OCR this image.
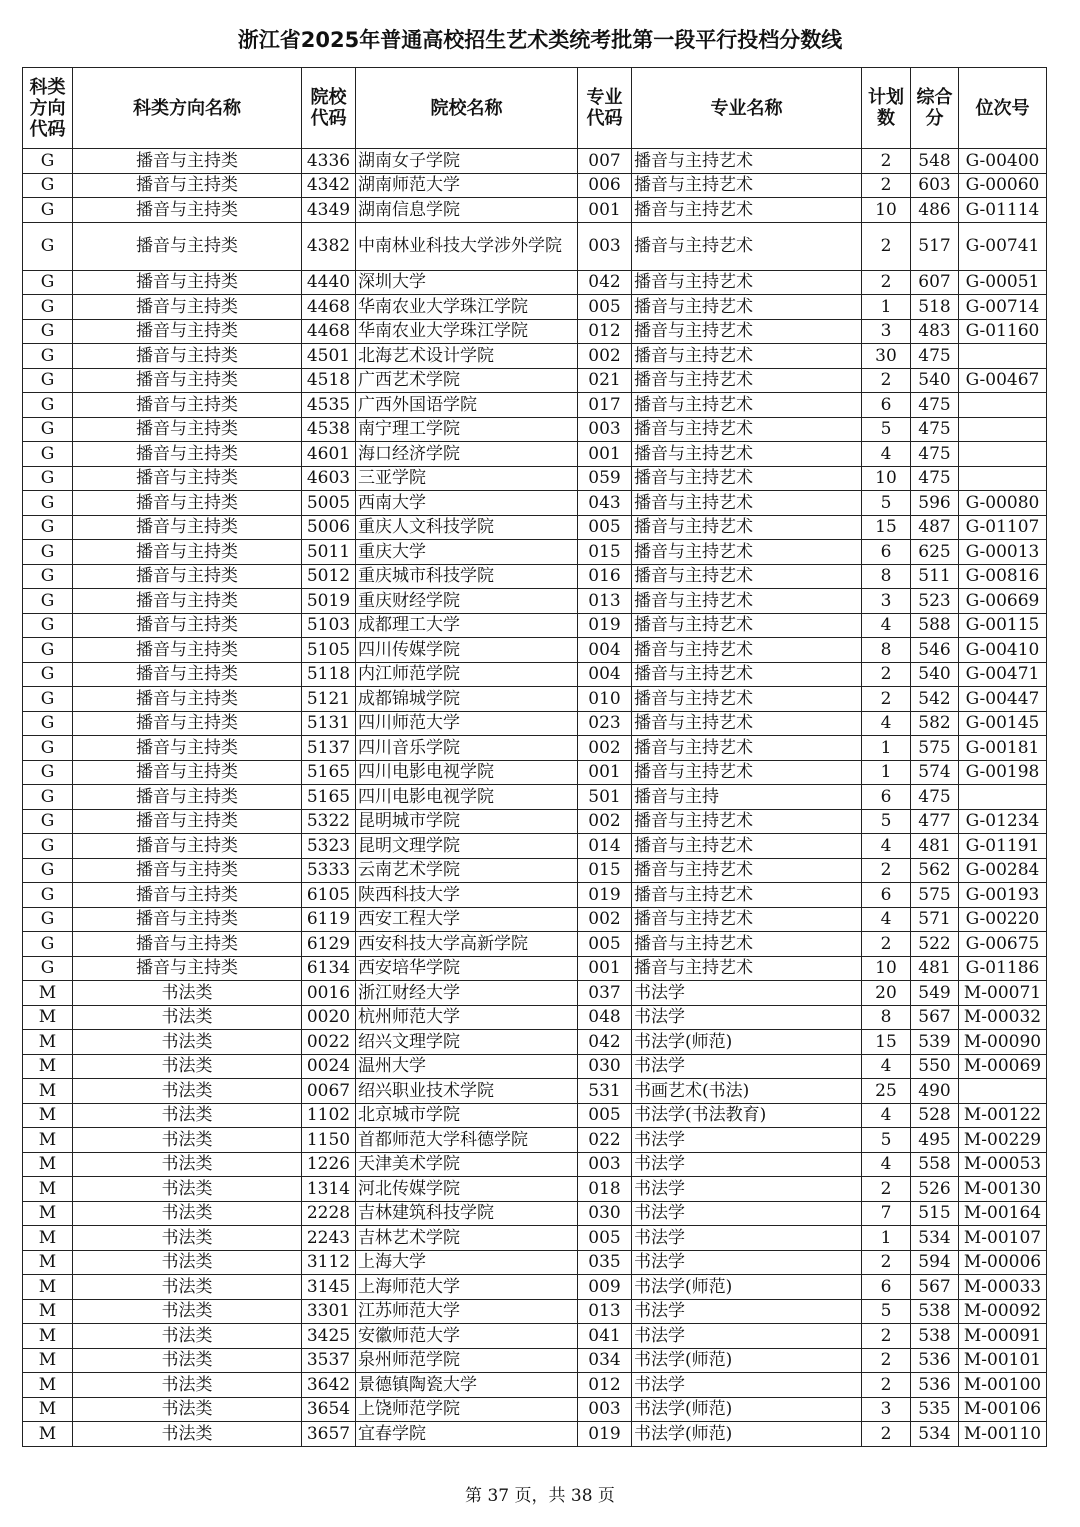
浙江省2025年普通高校招生艺术类统考批第一段平行投档分数线
科类方向代码	科类方向名称	院校代码	院校名称	专业代码	专业名称	计划数	综合分	位次号
G	播音与主持类	4336	湖南女子学院	007	播音与主持艺术	2	548	G-00400
G	播音与主持类	4342	湖南师范大学	006	播音与主持艺术	2	603	G-00060
G	播音与主持类	4349	湖南信息学院	001	播音与主持艺术	10	486	G-01114
G	播音与主持类	4382	中南林业科技大学涉外学院	003	播音与主持艺术	2	517	G-00741
G	播音与主持类	4440	深圳大学	042	播音与主持艺术	2	607	G-00051
G	播音与主持类	4468	华南农业大学珠江学院	005	播音与主持艺术	1	518	G-00714
G	播音与主持类	4468	华南农业大学珠江学院	012	播音与主持艺术	3	483	G-01160
G	播音与主持类	4501	北海艺术设计学院	002	播音与主持艺术	30	475	
G	播音与主持类	4518	广西艺术学院	021	播音与主持艺术	2	540	G-00467
G	播音与主持类	4535	广西外国语学院	017	播音与主持艺术	6	475	
G	播音与主持类	4538	南宁理工学院	003	播音与主持艺术	5	475	
G	播音与主持类	4601	海口经济学院	001	播音与主持艺术	4	475	
G	播音与主持类	4603	三亚学院	059	播音与主持艺术	10	475	
G	播音与主持类	5005	西南大学	043	播音与主持艺术	5	596	G-00080
G	播音与主持类	5006	重庆人文科技学院	005	播音与主持艺术	15	487	G-01107
G	播音与主持类	5011	重庆大学	015	播音与主持艺术	6	625	G-00013
G	播音与主持类	5012	重庆城市科技学院	016	播音与主持艺术	8	511	G-00816
G	播音与主持类	5019	重庆财经学院	013	播音与主持艺术	3	523	G-00669
G	播音与主持类	5103	成都理工大学	019	播音与主持艺术	4	588	G-00115
G	播音与主持类	5105	四川传媒学院	004	播音与主持艺术	8	546	G-00410
G	播音与主持类	5118	内江师范学院	004	播音与主持艺术	2	540	G-00471
G	播音与主持类	5121	成都锦城学院	010	播音与主持艺术	2	542	G-00447
G	播音与主持类	5131	四川师范大学	023	播音与主持艺术	4	582	G-00145
G	播音与主持类	5137	四川音乐学院	002	播音与主持艺术	1	575	G-00181
G	播音与主持类	5165	四川电影电视学院	001	播音与主持艺术	1	574	G-00198
G	播音与主持类	5165	四川电影电视学院	501	播音与主持	6	475	
G	播音与主持类	5322	昆明城市学院	002	播音与主持艺术	5	477	G-01234
G	播音与主持类	5323	昆明文理学院	014	播音与主持艺术	4	481	G-01191
G	播音与主持类	5333	云南艺术学院	015	播音与主持艺术	2	562	G-00284
G	播音与主持类	6105	陕西科技大学	019	播音与主持艺术	6	575	G-00193
G	播音与主持类	6119	西安工程大学	002	播音与主持艺术	4	571	G-00220
G	播音与主持类	6129	西安科技大学高新学院	005	播音与主持艺术	2	522	G-00675
G	播音与主持类	6134	西安培华学院	001	播音与主持艺术	10	481	G-01186
M	书法类	0016	浙江财经大学	037	书法学	20	549	M-00071
M	书法类	0020	杭州师范大学	048	书法学	8	567	M-00032
M	书法类	0022	绍兴文理学院	042	书法学(师范)	15	539	M-00090
M	书法类	0024	温州大学	030	书法学	4	550	M-00069
M	书法类	0067	绍兴职业技术学院	531	书画艺术(书法)	25	490	
M	书法类	1102	北京城市学院	005	书法学(书法教育)	4	528	M-00122
M	书法类	1150	首都师范大学科德学院	022	书法学	5	495	M-00229
M	书法类	1226	天津美术学院	003	书法学	4	558	M-00053
M	书法类	1314	河北传媒学院	018	书法学	2	526	M-00130
M	书法类	2228	吉林建筑科技学院	030	书法学	7	515	M-00164
M	书法类	2243	吉林艺术学院	005	书法学	1	534	M-00107
M	书法类	3112	上海大学	035	书法学	2	594	M-00006
M	书法类	3145	上海师范大学	009	书法学(师范)	6	567	M-00033
M	书法类	3301	江苏师范大学	013	书法学	5	538	M-00092
M	书法类	3425	安徽师范大学	041	书法学	2	538	M-00091
M	书法类	3537	泉州师范学院	034	书法学(师范)	2	536	M-00101
M	书法类	3642	景德镇陶瓷大学	012	书法学	2	536	M-00100
M	书法类	3654	上饶师范学院	003	书法学(师范)	3	535	M-00106
M	书法类	3657	宜春学院	019	书法学(师范)	2	534	M-00110
第 37 页，共 38 页
